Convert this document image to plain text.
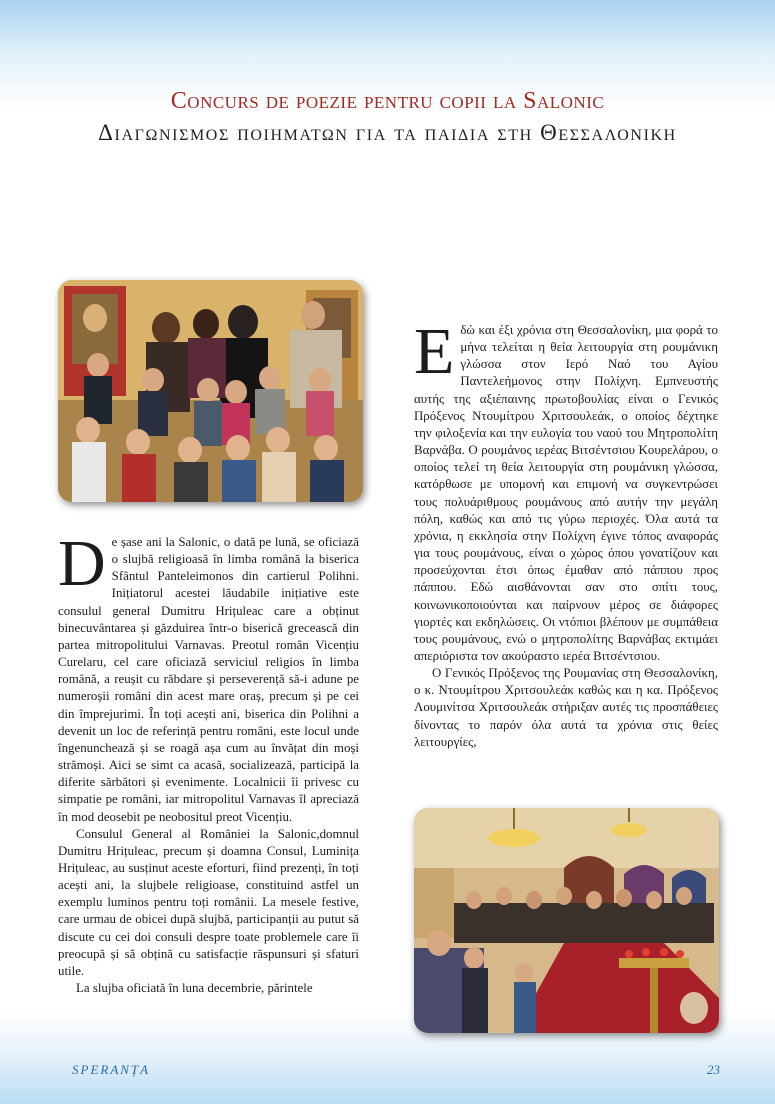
Concurs de poezie pentru copii la Salonic
Διαγωνισμος ποιηματων για τα παιδια στη Θεσσαλονικη

De șase ani la Salonic, o dată pe lună, se oficiază o slujbă religioasă în limba română la biserica Sfântul Panteleimonos din cartierul Polihni. Inițiatorul acestei lăudabile inițiative este consulul general Dumitru Hrițuleac care a obținut binecuvântarea și găzduirea într-o biserică grecească din partea mitropolitului Varnavas. Preotul român Vicențiu Curelaru, cel care oficiază serviciul religios în limba română, a reușit cu răbdare și perseverență să-i adune pe numeroșii români din acest mare oraș, precum și pe cei din împrejurimi. În toți acești ani, biserica din Polihni a devenit un loc de referință pentru români, este locul unde îngenunchează și se roagă așa cum au învățat din moși strămoși. Aici se simt ca acasă, socializează, participă la diferite sărbători și evenimente. Localnicii îi privesc cu simpatie pe români, iar mitropolitul Varnavas îl apreciază în mod deosebit pe neobositul preot Vicențiu.

Consulul General al României la Salonic,domnul Dumitru Hrițuleac, precum și doamna Consul, Luminița Hrițuleac, au susținut aceste eforturi, fiind prezenți, în toți acești ani, la slujbele religioase, constituind astfel un exemplu luminos pentru toți românii. La mesele festive, care urmau de obicei după slujbă, participanții au putut să discute cu cei doi consuli despre toate problemele care îi preocupă și să obțină cu satisfacție răspunsuri și sfaturi utile.

La slujba oficiată în luna decembrie, părintele

Εδώ και έξι χρόνια στη Θεσσαλονίκη, μια φορά το μήνα τελείται η θεία λειτουργία στη ρουμάνικη γλώσσα στον Ιερό Ναό του Αγίου Παντελεήμονος στην Πολίχνη. Εμπνευστής αυτής της αξιέπαινης πρωτοβουλίας είναι ο Γενικός Πρόξενος Ντουμίτρου Χριτσουλεάκ, ο οποίος δέχτηκε την φιλοξενία και την ευλογία του ναού του Μητροπολίτη Βαρνάβα. Ο ρουμάνος ιερέας Βιτσέντσιου Κουρελάρου, ο οποίος τελεί τη θεία λειτουργία στη ρουμάνικη γλώσσα, κατόρθωσε με υπομονή και επιμονή να συγκεντρώσει τους πολυάριθμους ρουμάνους από αυτήν την μεγάλη πόλη, καθώς και από τις γύρω περιοχές. Όλα αυτά τα χρόνια, η εκκλησία στην Πολίχνη έγινε τόπος αναφοράς για τους ρουμάνους, είναι ο χώρος όπου γονατίζουν και προσεύχονται έτσι όπως έμαθαν από πάππου προς πάππου. Εδώ αισθάνονται σαν στο σπίτι τους, κοινωνικοποιούνται και παίρνουν μέρος σε διάφορες γιορτές και εκδηλώσεις. Οι ντόπιοι βλέπουν με συμπάθεια τους ρουμάνους, ενώ ο μητροπολίτης Βαρνάβας εκτιμάει απεριόριστα τον ακούραστο ιερέα Βιτσέντσιου.

Ο Γενικός Πρόξενος της Ρουμανίας στη Θεσσαλονίκη, ο κ. Ντουμίτρου Χριτσουλεάκ καθώς και η κα. Πρόξενος Λουμινίτσα Χριτσουλεάκ στήριξαν αυτές τις προσπάθειες δίνοντας το παρόν όλα αυτά τα χρόνια στις θείες λειτουργίες,

SPERANȚA	23
